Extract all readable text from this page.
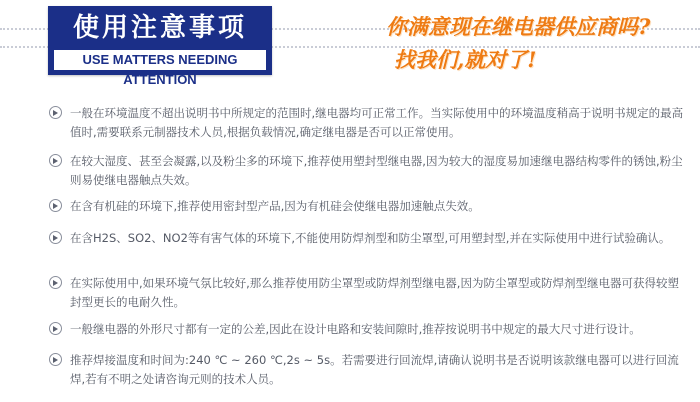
使用注意事项
USE MATTERS NEEDING ATTENTION
你满意现在继电器供应商吗?
找我们,就对了!
一般在环境温度不超出说明书中所规定的范围时,继电器均可正常工作。当实际使用中的环境温度稍高于说明书规定的最高值时,需要联系元制器技术人员,根据负载情况,确定继电器是否可以正常使用。
在较大湿度、甚至会凝露,以及粉尘多的环境下,推荐使用塑封型继电器,因为较大的湿度易加速继电器结构零件的锈蚀,粉尘则易使继电器触点失效。
在含有机硅的环境下,推荐使用密封型产品,因为有机硅会使继电器加速触点失效。
在含H2S、SO2、NO2等有害气体的环境下,不能使用防焊剂型和防尘罩型,可用塑封型,并在实际使用中进行试验确认。
在实际使用中,如果环境气氛比较好,那么推荐使用防尘罩型或防焊剂型继电器,因为防尘罩型或防焊剂型继电器可获得较塑封型更长的电耐久性。
一般继电器的外形尺寸都有一定的公差,因此在设计电路和安装间隙时,推荐按说明书中规定的最大尺寸进行设计。
推荐焊接温度和时间为:240 ℃ ~ 260 ℃,2s ~ 5s。若需要进行回流焊,请确认说明书是否说明该款继电器可以进行回流焊,若有不明之处请咨询元则的技术人员。
